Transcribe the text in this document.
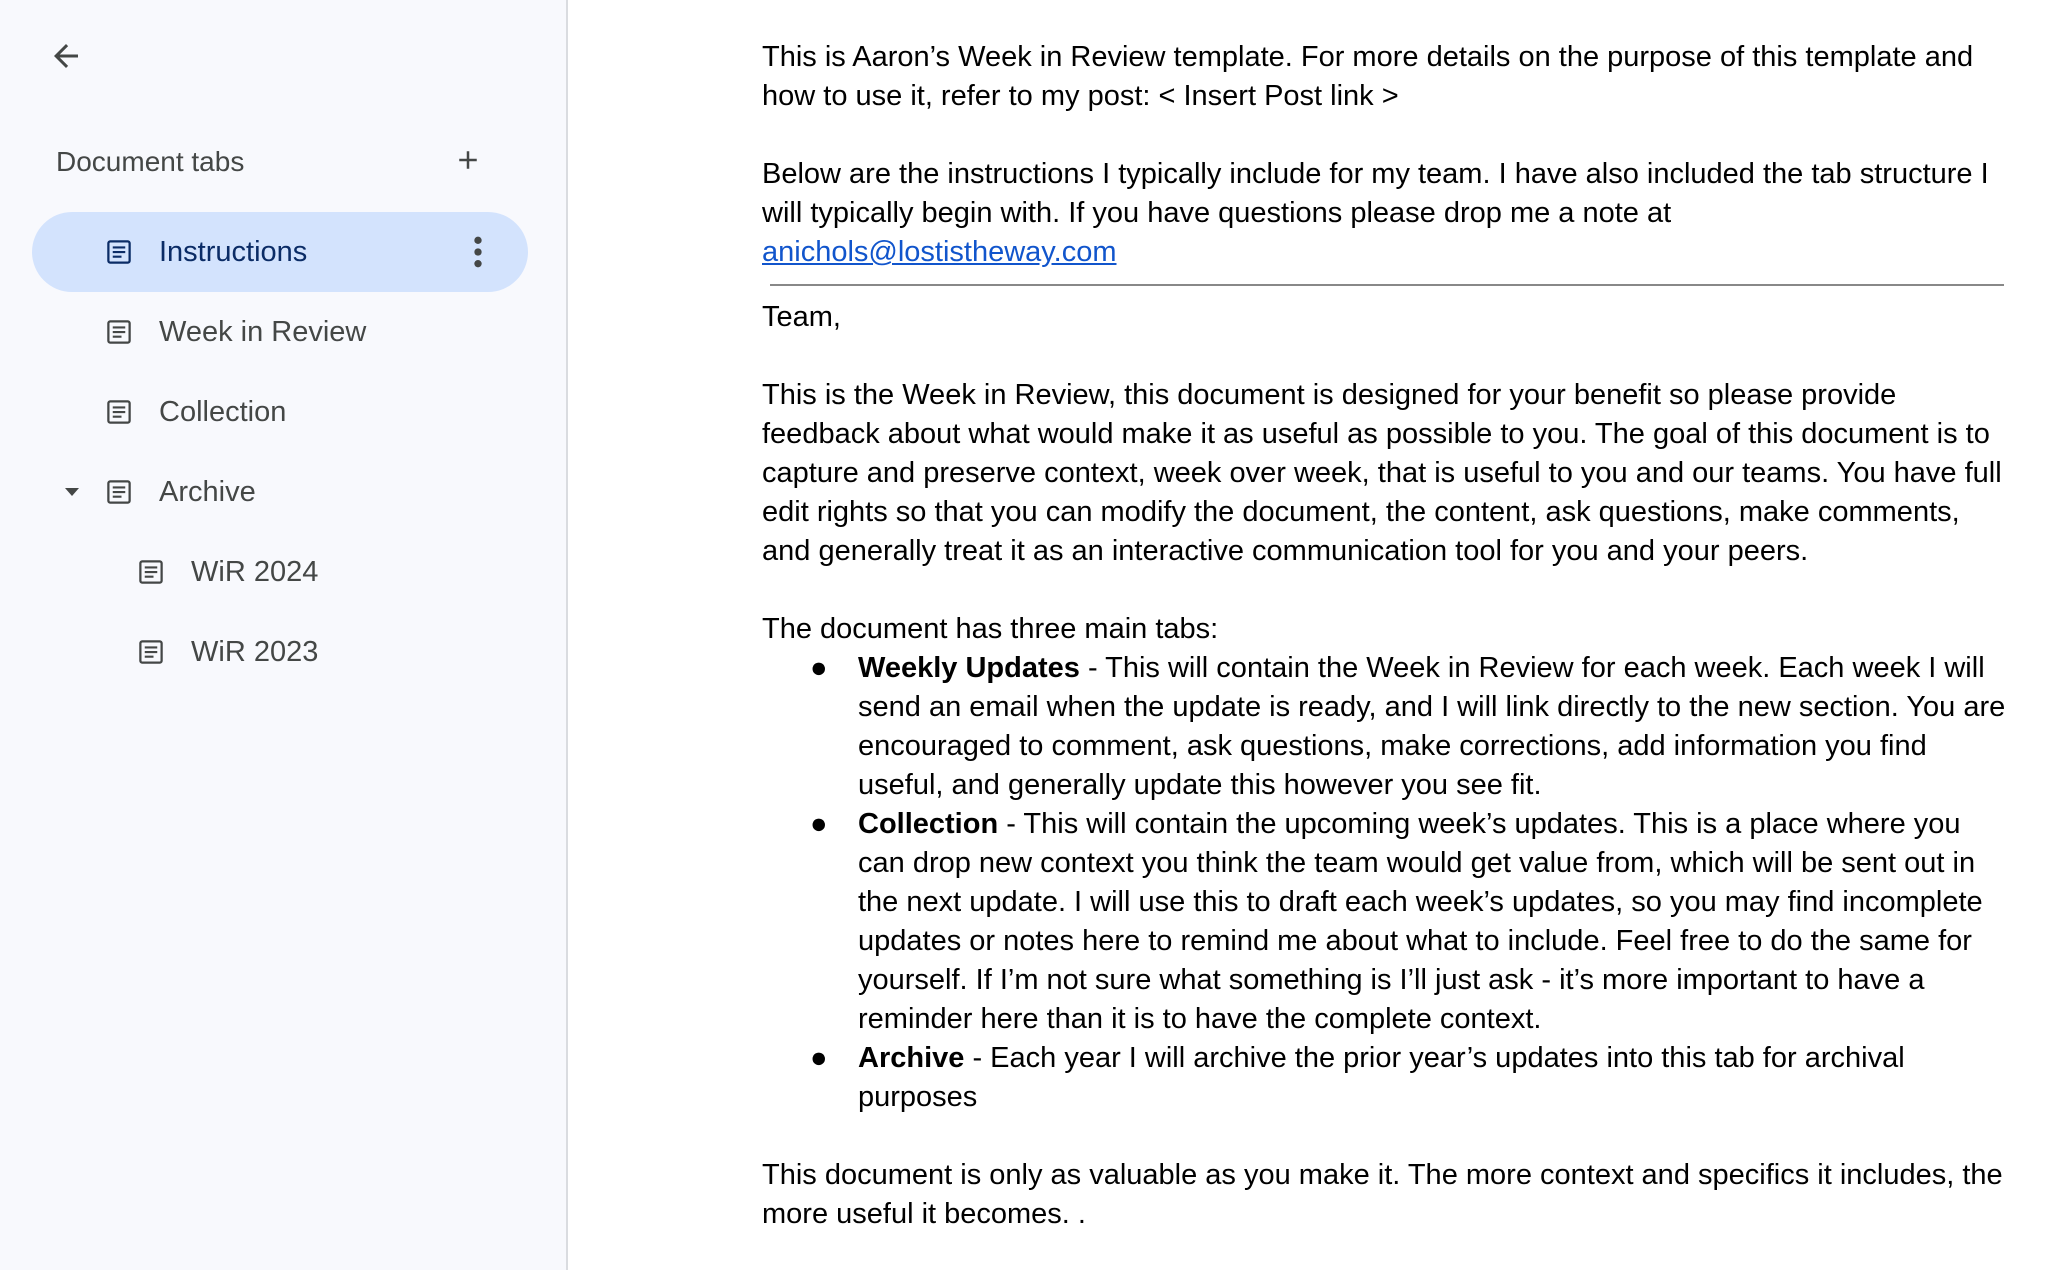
Document tabs
Instructions
Week in Review
Collection
Archive
WiR 2024
WiR 2023

This is Aaron’s Week in Review template. For more details on the purpose of this template and how to use it, refer to my post: < Insert Post link >

Below are the instructions I typically include for my team. I have also included the tab structure I will typically begin with. If you have questions please drop me a note at
anichols@lostistheway.com

Team,

This is the Week in Review, this document is designed for your benefit so please provide feedback about what would make it as useful as possible to you. The goal of this document is to capture and preserve context, week over week, that is useful to you and our teams. You have full edit rights so that you can modify the document, the content, ask questions, make comments, and generally treat it as an interactive communication tool for you and your peers.

The document has three main tabs:

● Weekly Updates - This will contain the Week in Review for each week. Each week I will send an email when the update is ready, and I will link directly to the new section. You are encouraged to comment, ask questions, make corrections, add information you find useful, and generally update this however you see fit.
● Collection - This will contain the upcoming week’s updates. This is a place where you can drop new context you think the team would get value from, which will be sent out in the next update. I will use this to draft each week’s updates, so you may find incomplete updates or notes here to remind me about what to include. Feel free to do the same for yourself. If I’m not sure what something is I’ll just ask - it’s more important to have a reminder here than it is to have the complete context.
● Archive - Each year I will archive the prior year’s updates into this tab for archival purposes

This document is only as valuable as you make it. The more context and specifics it includes, the more useful it becomes. .
